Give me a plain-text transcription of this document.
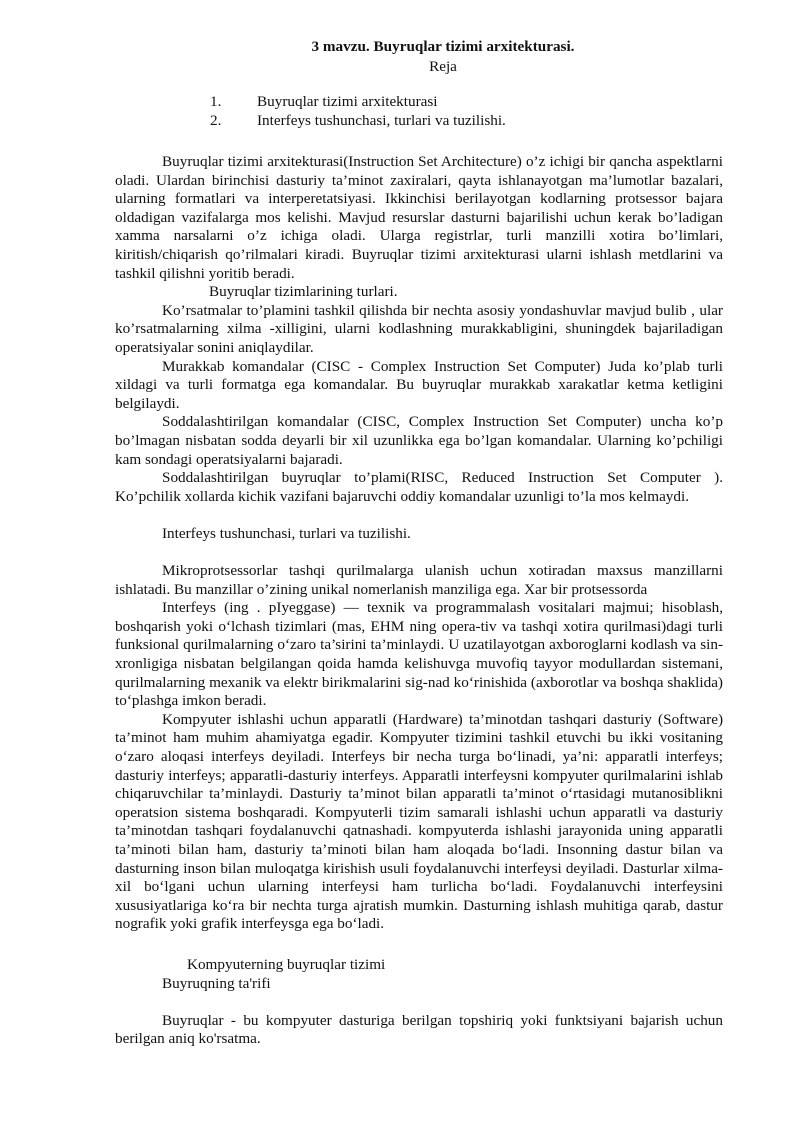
3 mavzu. Buyruqlar tizimi arxitekturasi.
Reja
1. Buyruqlar tizimi arxitekturasi
2. Interfeys tushunchasi, turlari va tuzilishi.

Buyruqlar tizimi arxitekturasi(Instruction Set Architecture) o’z ichigi bir qancha aspektlarni oladi. Ulardan birinchisi dasturiy ta’minot zaxiralari, qayta ishlanayotgan ma’lumotlar bazalari, ularning formatlari va interperetatsiyasi. Ikkinchisi berilayotgan kodlarning protsessor bajara oldadigan vazifalarga mos kelishi. Mavjud resurslar dasturni bajarilishi uchun kerak bo’ladigan xamma narsalarni o’z ichiga oladi. Ularga registrlar, turli manzilli xotira bo’limlari, kiritish/chiqarish qo’rilmalari kiradi. Buyruqlar tizimi arxitekturasi ularni ishlash metdlarini va tashkil qilishni yoritib beradi.

Buyruqlar tizimlarining turlari.

Ko’rsatmalar to’plamini tashkil qilishda bir nechta asosiy yondashuvlar mavjud bulib , ular ko’rsatmalarning xilma -xilligini, ularni kodlashning murakkabligini, shuningdek bajariladigan operatsiyalar sonini aniqlaydilar.

Murakkab komandalar (CISC - Complex Instruction Set Computer) Juda ko’plab turli xildagi va turli formatga ega komandalar. Bu buyruqlar murakkab xarakatlar ketma ketligini belgilaydi.

Soddalashtirilgan komandalar (CISC, Complex Instruction Set Computer) uncha ko’p bo’lmagan nisbatan sodda deyarli bir xil uzunlikka ega bo’lgan komandalar. Ularning ko’pchiligi kam sondagi operatsiyalarni bajaradi.

Soddalashtirilgan buyruqlar to’plami(RISC, Reduced Instruction Set Computer ). Ko’pchilik xollarda kichik vazifani bajaruvchi oddiy komandalar uzunligi to’la mos kelmaydi.

Interfeys tushunchasi, turlari va tuzilishi.

Mikroprotsessorlar tashqi qurilmalarga ulanish uchun xotiradan maxsus manzillarni ishlatadi. Bu manzillar o’zining unikal nomerlanish manziliga ega. Xar bir protsessorda

Interfeys (ing . pIyeggase) — texnik va programmalash vositalari majmui; hisoblash, boshqarish yoki o‘lchash tizimlari (mas, EHM ning opera-tiv va tashqi xotira qurilmasi)dagi turli funksional qurilmalarning o‘zaro ta’sirini ta’minlaydi. U uzatilayotgan axboroglarni kodlash va sin-xronligiga nisbatan belgilangan qoida hamda kelishuvga muvofiq tayyor modullardan sistemani, qurilmalarning mexanik va elektr birikmalarini sig-nad ko‘rinishida (axborotlar va boshqa shaklida) to‘plashga imkon beradi.

Kompyuter ishlashi uchun apparatli (Hardware) ta’minotdan tashqari dasturiy (Software) ta’minot ham muhim ahamiyatga egadir. Kompyuter tizimini tashkil etuvchi bu ikki vositaning o‘zaro aloqasi interfeys deyiladi. Interfeys bir necha turga bo‘linadi, ya’ni: apparatli interfeys; dasturiy interfeys; apparatli-dasturiy interfeys. Apparatli interfeysni kompyuter qurilmalarini ishlab chiqaruvchilar ta’minlaydi. Dasturiy ta’minot bilan apparatli ta’minot o‘rtasidagi mutanosiblikni operatsion sistema boshqaradi. Kompyuterli tizim samarali ishlashi uchun apparatli va dasturiy ta’minotdan tashqari foydalanuvchi qatnashadi. kompyuterda ishlashi jarayonida uning apparatli ta’minoti bilan ham, dasturiy ta’minoti bilan ham aloqada bo‘ladi. Insonning dastur bilan va dasturning inson bilan muloqatga kirishish usuli foydalanuvchi interfeysi deyiladi. Dasturlar xilma-xil bo‘lgani uchun ularning interfeysi ham turlicha bo‘ladi. Foydalanuvchi interfeysini xususiyatlariga ko‘ra bir nechta turga ajratish mumkin. Dasturning ishlash muhitiga qarab, dastur nografik yoki grafik interfeysga ega bo‘ladi.

Kompyuterning buyruqlar tizimi

Buyruqning ta'rifi

Buyruqlar - bu kompyuter dasturiga berilgan topshiriq yoki funktsiyani bajarish uchun berilgan aniq ko'rsatma.
